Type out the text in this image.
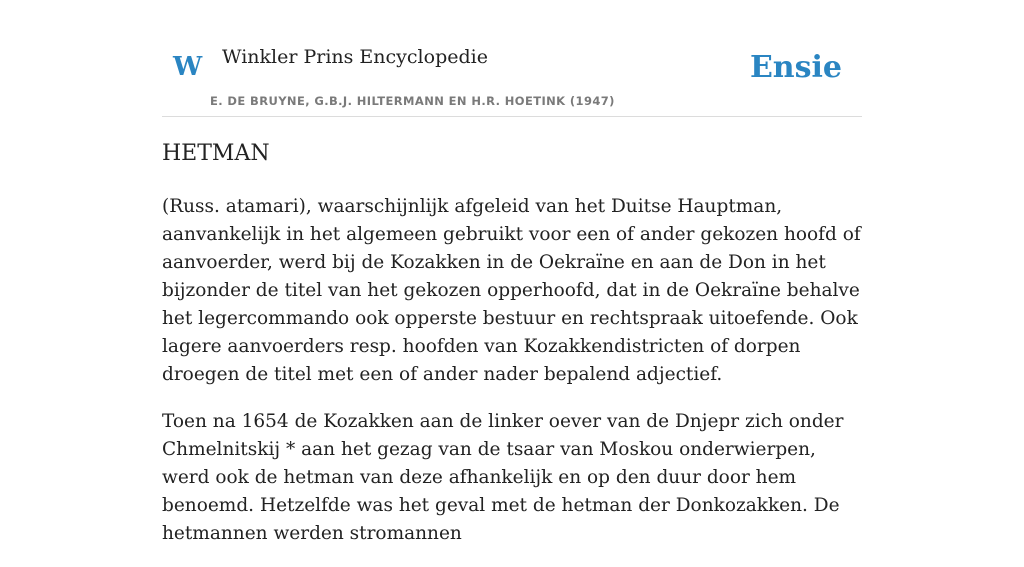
W Winkler Prins Encyclopedie
E. DE BRUYNE, G.B.J. HILTERMANN EN H.R. HOETINK (1947)
Ensie
HETMAN

(Russ. atamari), waarschijnlijk afgeleid van het Duitse Hauptman, aanvankelijk in het algemeen gebruikt voor een of ander gekozen hoofd of aanvoerder, werd bij de Kozakken in de Oekraïne en aan de Don in het bijzonder de titel van het gekozen opperhoofd, dat in de Oekraïne behalve het legercommando ook opperste bestuur en rechtspraak uitoefende. Ook lagere aanvoerders resp. hoofden van Kozakkendistricten of dorpen droegen de titel met een of ander nader bepalend adjectief.

Toen na 1654 de Kozakken aan de linker oever van de Dnjepr zich onder Chmelnitskij * aan het gezag van de tsaar van Moskou onderwierpen, werd ook de hetman van deze afhankelijk en op den duur door hem benoemd. Hetzelfde was het geval met de hetman der Donkozakken. De hetmannen werden stromannen
